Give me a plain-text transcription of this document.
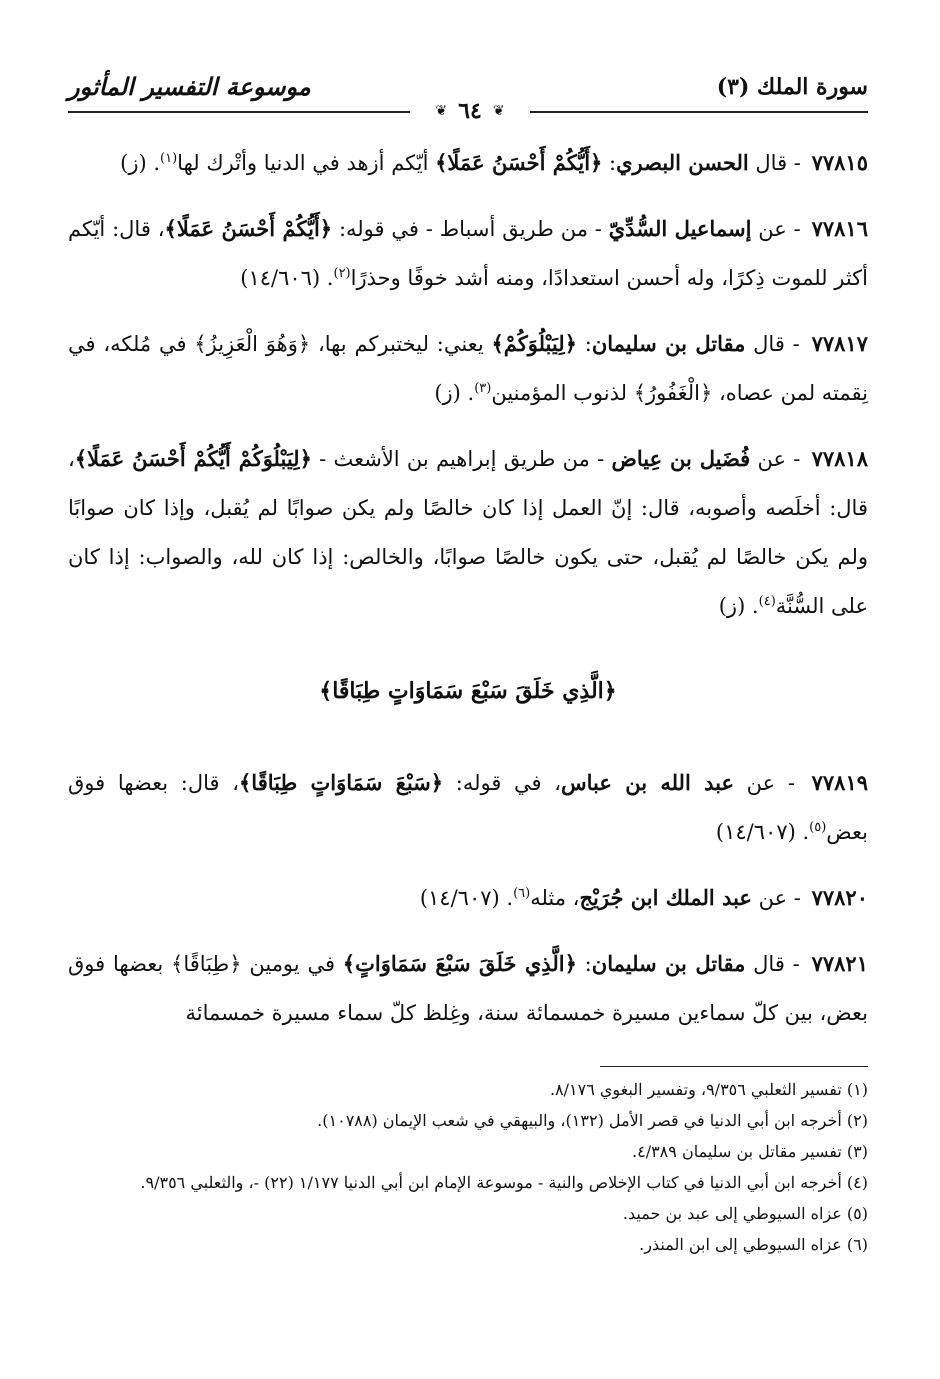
سورة الملك (٣)
موسوعة التفسير المأثور
❦ ٦٤ ❦

٧٧٨١٥ - قال الحسن البصري: ﴿أَيُّكُمْ أَحْسَنُ عَمَلًا﴾ أيّكم أزهد في الدنيا وأتْرك لها$^{(١)}$. (ز)

٧٧٨١٦ - عن إسماعيل السُّدِّيّ - من طريق أسباط - في قوله: ﴿أَيُّكُمْ أَحْسَنُ عَمَلًا﴾، قال: أيّكم أكثر للموت ذِكرًا، وله أحسن استعدادًا، ومنه أشد خوفًا وحذرًا$^{(٢)}$. (١٤/٦٠٦)

٧٧٨١٧ - قال مقاتل بن سليمان: ﴿لِيَبْلُوَكُمْ﴾ يعني: ليختبركم بها، ﴿وَهُوَ الْعَزِيزُ﴾ في مُلكه، في نِقمته لمن عصاه، ﴿الْغَفُورُ﴾ لذنوب المؤمنين$^{(٣)}$. (ز)

٧٧٨١٨ - عن فُضَيل بن عِياض - من طريق إبراهيم بن الأشعث - ﴿لِيَبْلُوَكُمْ أَيُّكُمْ أَحْسَنُ عَمَلًا﴾، قال: أخلَصه وأصوبه، قال: إنّ العمل إذا كان خالصًا ولم يكن صوابًا لم يُقبل، وإذا كان صوابًا ولم يكن خالصًا لم يُقبل، حتى يكون خالصًا صوابًا، والخالص: إذا كان لله، والصواب: إذا كان على السُّنَّة$^{(٤)}$. (ز)

﴿الَّذِي خَلَقَ سَبْعَ سَمَاوَاتٍ طِبَاقًا﴾

٧٧٨١٩ - عن عبد الله بن عباس، في قوله: ﴿سَبْعَ سَمَاوَاتٍ طِبَاقًا﴾، قال: بعضها فوق بعض$^{(٥)}$. (١٤/٦٠٧)

٧٧٨٢٠ - عن عبد الملك ابن جُرَيْج، مثله$^{(٦)}$. (١٤/٦٠٧)

٧٧٨٢١ - قال مقاتل بن سليمان: ﴿الَّذِي خَلَقَ سَبْعَ سَمَاوَاتٍ﴾ في يومين ﴿طِبَاقًا﴾ بعضها فوق بعض، بين كلّ سماءين مسيرة خمسمائة سنة، وغِلظ كلّ سماء مسيرة خمسمائة

(١) تفسير الثعلبي ٩/٣٥٦، وتفسير البغوي ٨/١٧٦.

(٢) أخرجه ابن أبي الدنيا في قصر الأمل (١٣٢)، والبيهقي في شعب الإيمان (١٠٧٨٨).

(٣) تفسير مقاتل بن سليمان ٤/٣٨٩.

(٤) أخرجه ابن أبي الدنيا في كتاب الإخلاص والنية - موسوعة الإمام ابن أبي الدنيا ١/١٧٧ (٢٢) -، والثعلبي ٩/٣٥٦.

(٥) عزاه السيوطي إلى عبد بن حميد.

(٦) عزاه السيوطي إلى ابن المنذر.
